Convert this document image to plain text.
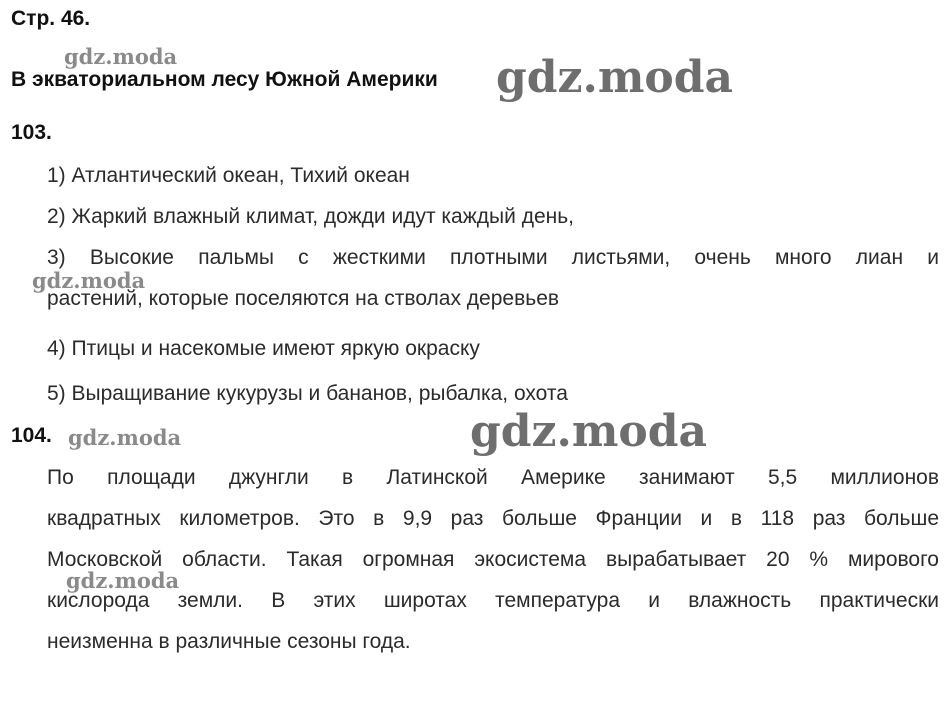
Стр. 46.
В экваториальном лесу Южной Америки
103.
1) Атлантический океан, Тихий океан
2) Жаркий влажный климат, дожди идут каждый день,
3) Высокие пальмы с жесткими плотными листьями, очень много лиан и
растений, которые поселяются на стволах деревьев
4) Птицы и насекомые имеют яркую окраску
5) Выращивание кукурузы и бананов, рыбалка, охота
104.
По площади джунгли в Латинской Америке занимают 5,5 миллионов
квадратных километров. Это в 9,9 раз больше Франции и в 118 раз больше
Московской области. Такая огромная экосистема вырабатывает 20 % мирового
кислорода земли. В этих широтах температура и влажность практически
неизменна в различные сезоны года.
gdz.moda	gdz.moda
gdz.moda
gdz.moda	gdz.moda
gdz.moda
